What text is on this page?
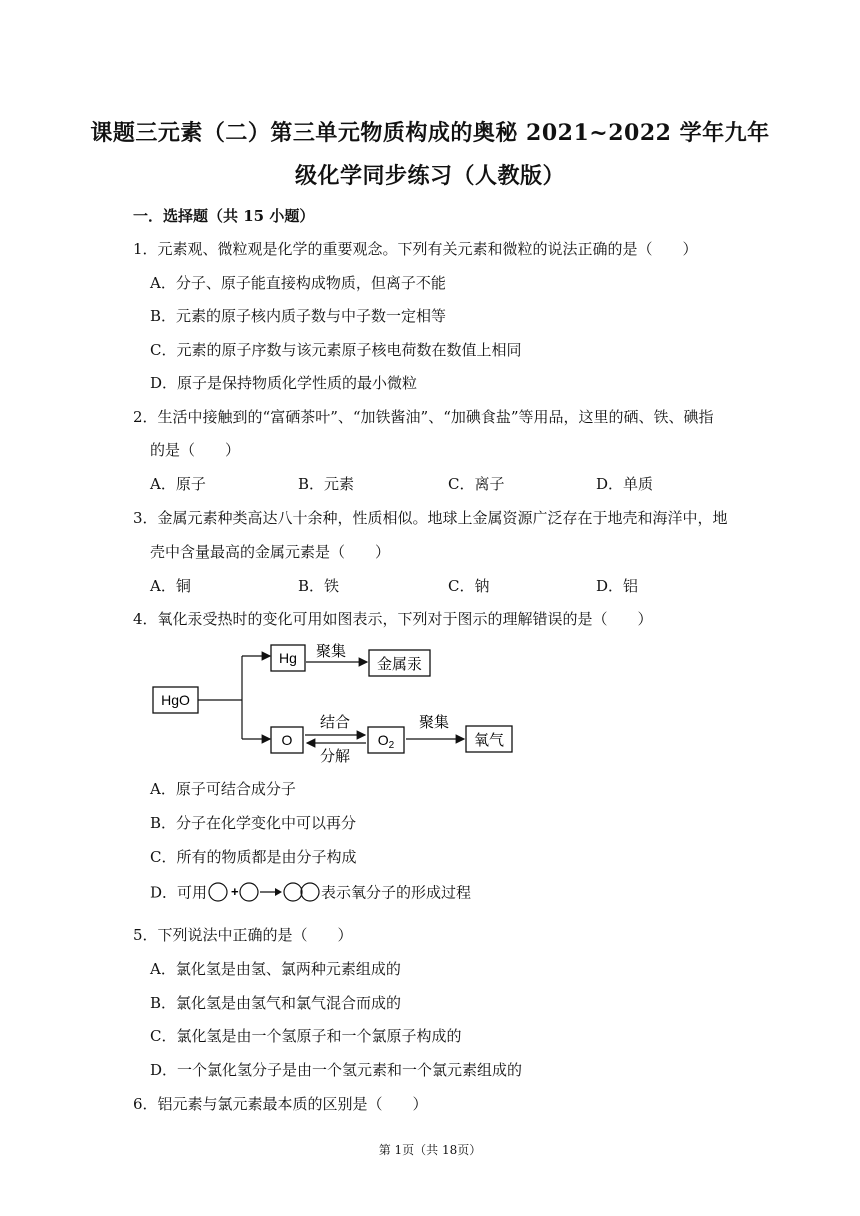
课题三元素（二）第三单元物质构成的奥秘 2021~2022 学年九年
级化学同步练习（人教版）
一．选择题（共 15 小题）
1．元素观、微粒观是化学的重要观念。下列有关元素和微粒的说法正确的是（　　）
A．分子、原子能直接构成物质，但离子不能
B．元素的原子核内质子数与中子数一定相等
C．元素的原子序数与该元素原子核电荷数在数值上相同
D．原子是保持物质化学性质的最小微粒
2．生活中接触到的“富硒茶叶”、“加铁酱油”、“加碘食盐”等用品，这里的硒、铁、碘指
的是（　　）
A．原子	B．元素	C．离子	D．单质
3．金属元素种类高达八十余种，性质相似。地球上金属资源广泛存在于地壳和海洋中，地
壳中含量最高的金属元素是（　　）
A．铜	B．铁	C．钠	D．铝
4．氧化汞受热时的变化可用如图表示，下列对于图示的理解错误的是（　　）
HgO
Hg 聚集
金属汞
O
结合
分解
$O_2$
聚集
氧气
A．原子可结合成分子
B．分子在化学变化中可以再分
C．所有的物质都是由分子构成
D．可用 +	表示氧分子的形成过程
5．下列说法中正确的是（　　）
A．氯化氢是由氢、氯两种元素组成的
B．氯化氢是由氢气和氯气混合而成的
C．氯化氢是由一个氢原子和一个氯原子构成的
D．一个氯化氢分子是由一个氢元素和一个氯元素组成的
6．铝元素与氯元素最本质的区别是（　　）
第 1页（共 18页）
